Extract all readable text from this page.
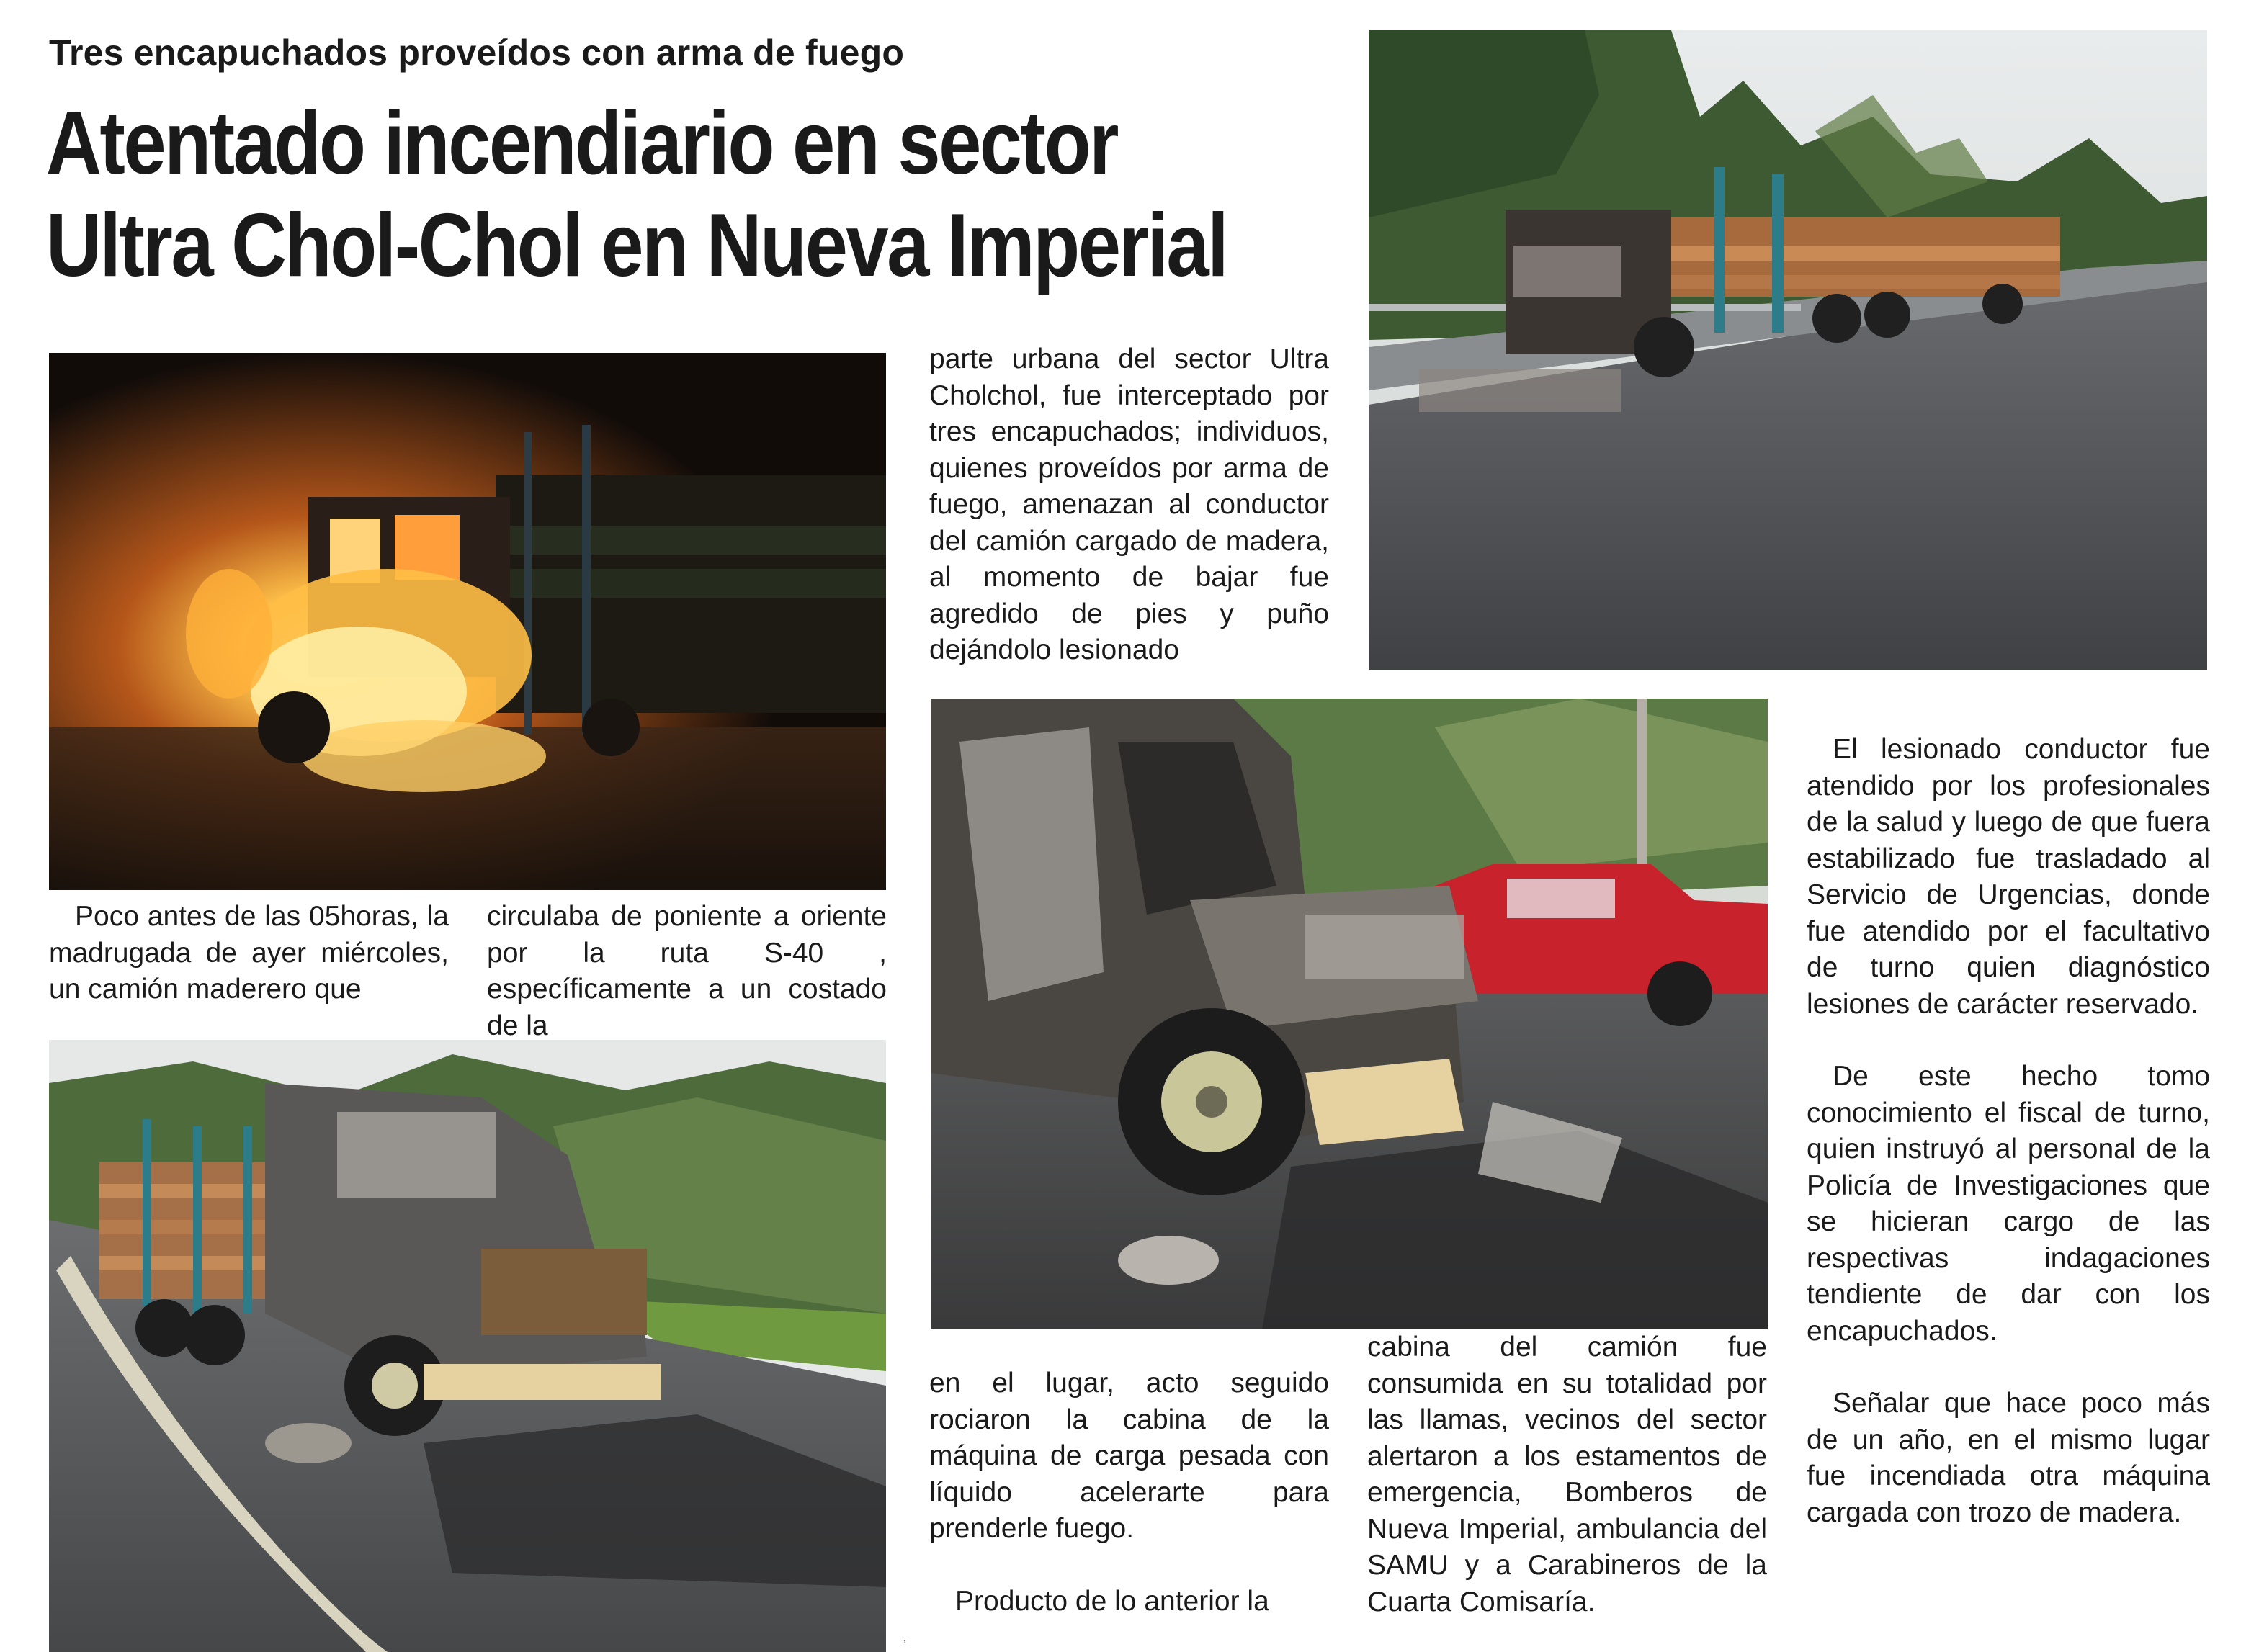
Tres encapuchados proveídos con arma de fuego
Atentado incendiario en sector
Ultra Chol-Chol en Nueva Imperial

Poco antes de las 05horas, la madrugada de ayer miércoles, un camión maderero que

circulaba de poniente a oriente por la ruta S-40 , específicamente a un costado de la

parte urbana del sector Ultra Cholchol, fue interceptado por tres encapuchados; individuos, quienes proveídos por arma de fuego, amenazan al conductor del camión cargado de madera, al momento de bajar fue agredido de pies y puño dejándolo lesionado

en el lugar, acto seguido rociaron la cabina de la máquina de carga pesada con líquido acelerarte para prenderle fuego.

Producto de lo anterior la

cabina del camión fue consumida en su totalidad por las llamas, vecinos del sector alertaron a los estamentos de emergencia, Bomberos de Nueva Imperial, ambulancia del SAMU y a Carabineros de la Cuarta Comisaría.

El lesionado conductor fue atendido por los profesionales de la salud y luego de que fuera estabilizado fue trasladado al Servicio de Urgencias, donde fue atendido por el facultativo de turno quien diagnóstico lesiones de carácter reservado.

De este hecho tomo conocimiento el fiscal de turno, quien instruyó al personal de la Policía de Investigaciones que se hicieran cargo de las respectivas indagaciones tendiente de dar con los encapuchados.

Señalar que hace poco más de un año, en el mismo lugar fue incendiada otra máquina cargada con trozo de madera.

,
